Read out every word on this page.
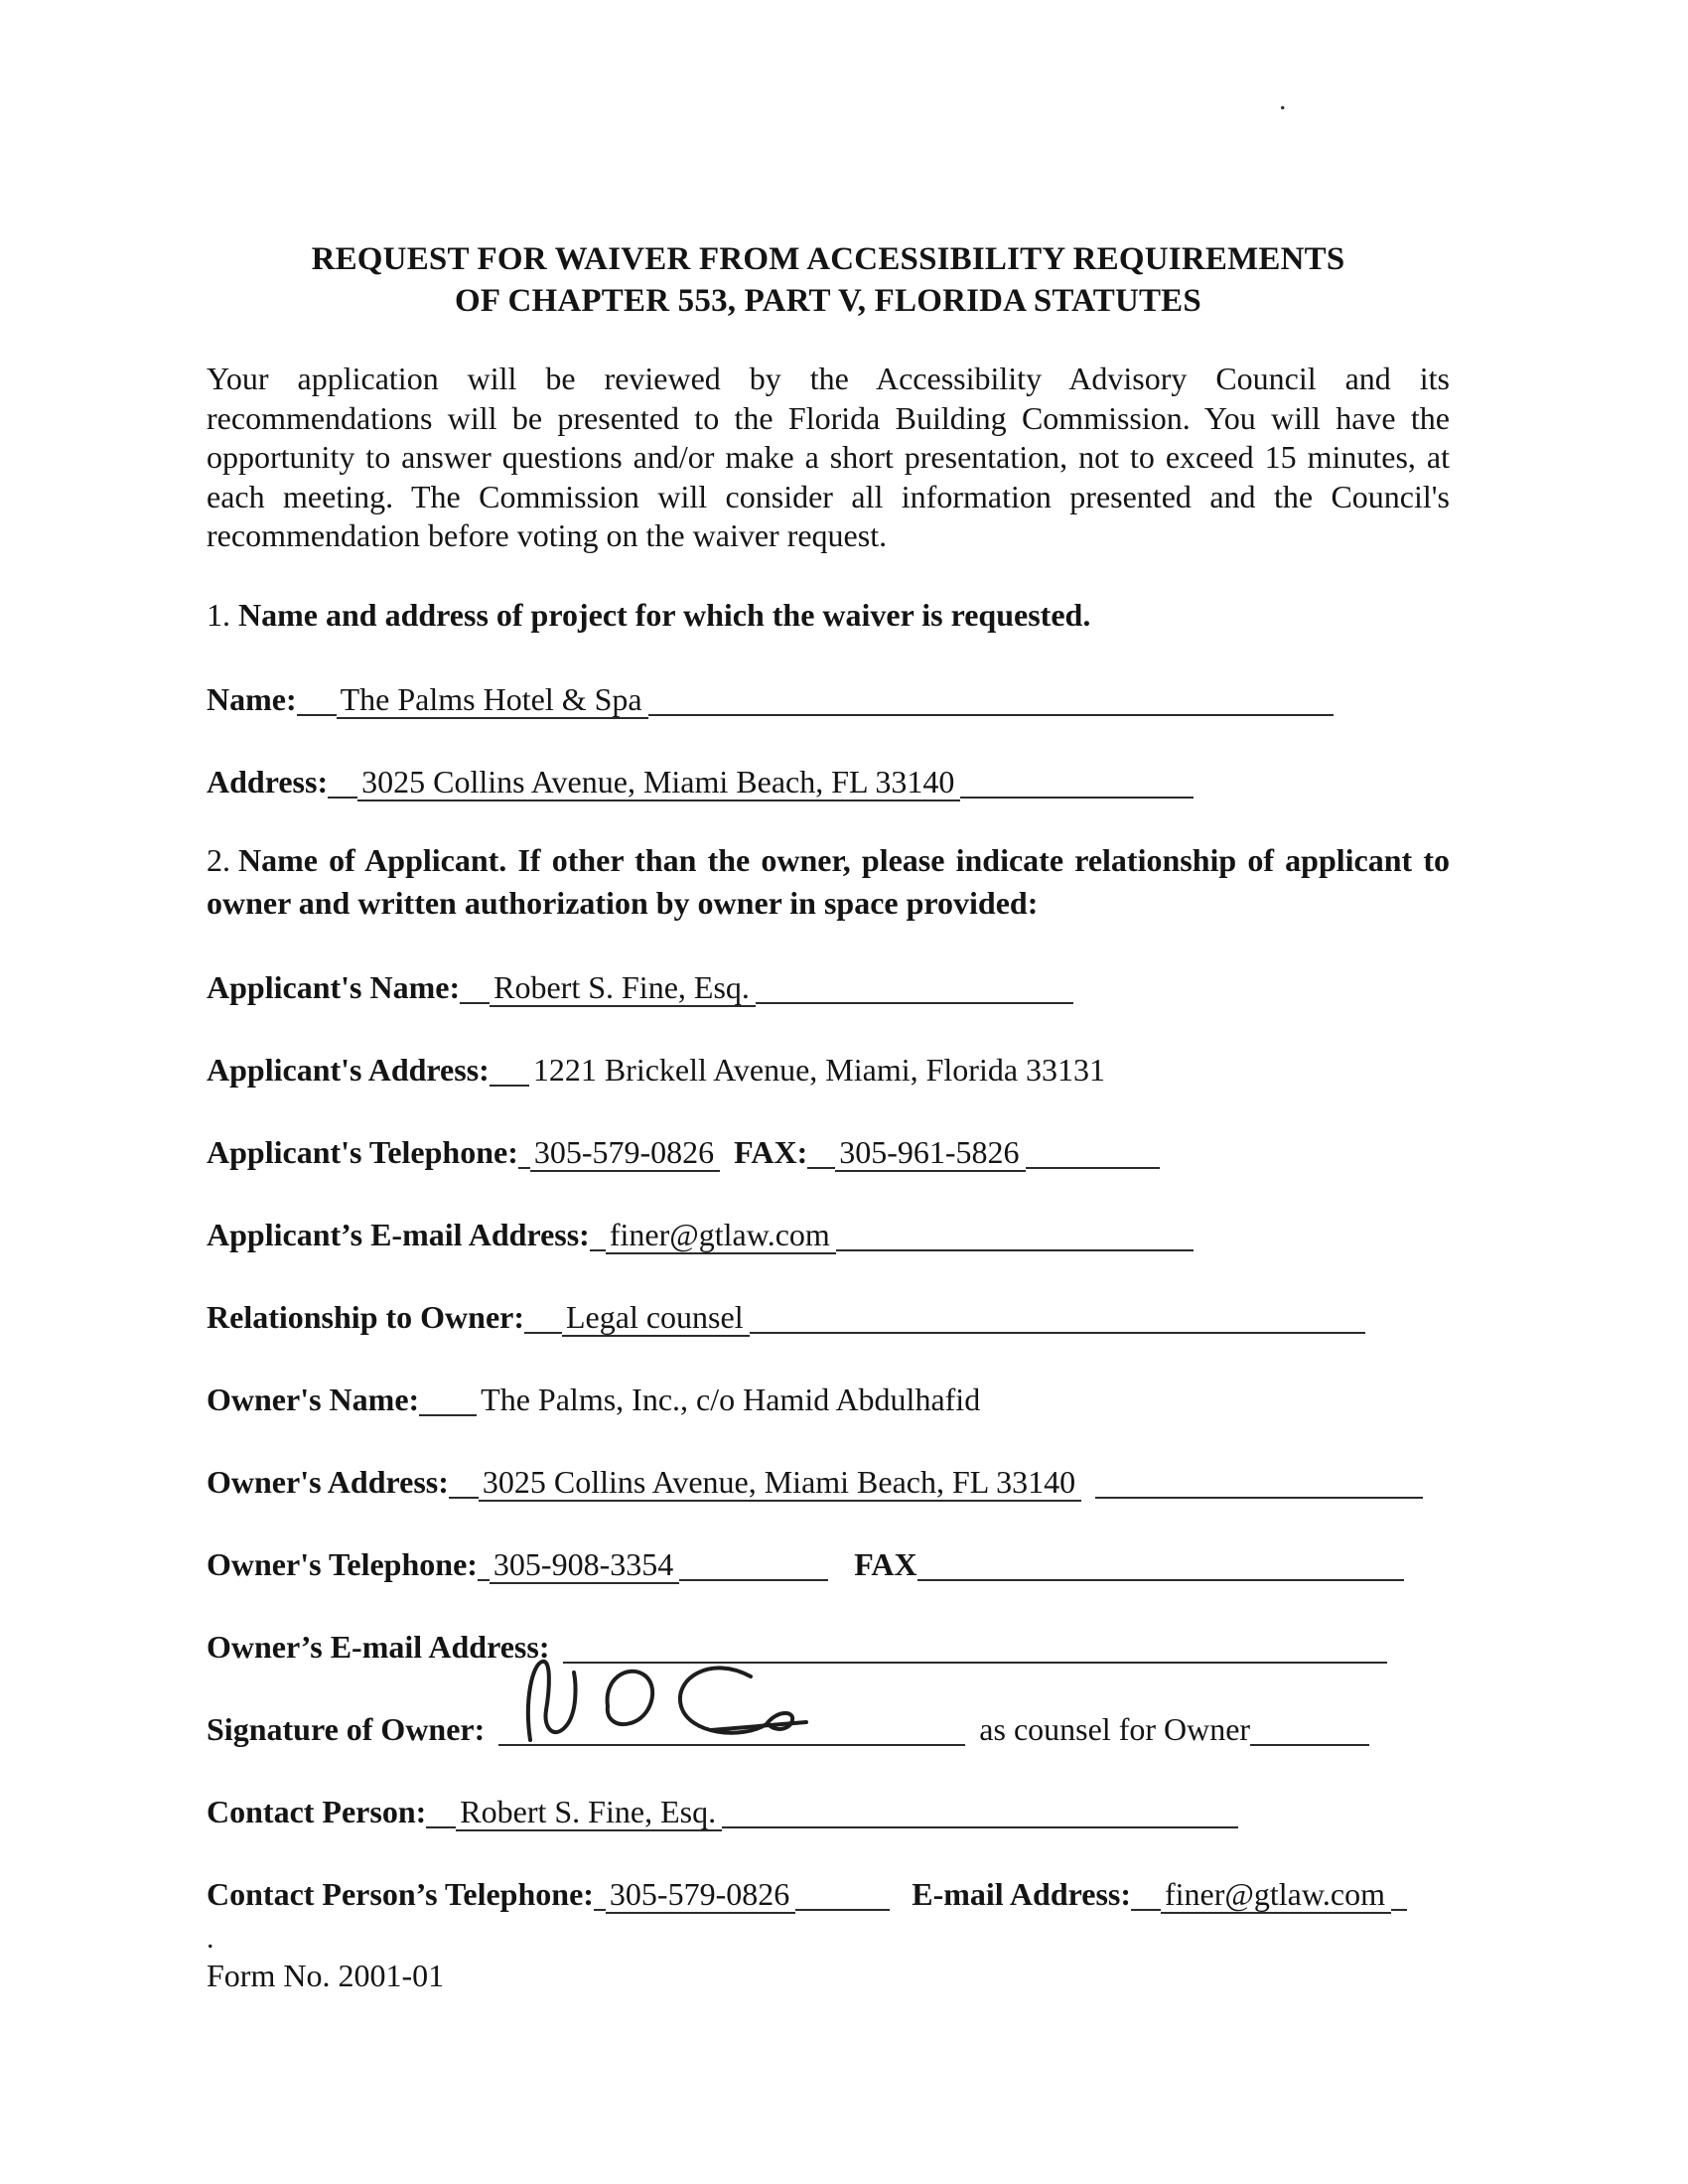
.
REQUEST FOR WAIVER FROM ACCESSIBILITY REQUIREMENTS
OF CHAPTER 553, PART V, FLORIDA STATUTES

Your application will be reviewed by the Accessibility Advisory Council and its recommendations will be presented to the Florida Building Commission. You will have the opportunity to answer questions and/or make a short presentation, not to exceed 15 minutes, at each meeting. The Commission will consider all information presented and the Council's recommendation before voting on the waiver request.

1. Name and address of project for which the waiver is requested.

Name: The Palms Hotel & Spa
Address: 3025 Collins Avenue, Miami Beach, FL 33140

2. Name of Applicant. If other than the owner, please indicate relationship of applicant to owner and written authorization by owner in space provided:

Applicant's Name: Robert S. Fine, Esq.
Applicant's Address: 1221 Brickell Avenue, Miami, Florida 33131
Applicant's Telephone: 305-579-0826 FAX: 305-961-5826
Applicant’s E-mail Address: finer@gtlaw.com
Relationship to Owner: Legal counsel
Owner's Name: The Palms, Inc., c/o Hamid Abdulhafid
Owner's Address: 3025 Collins Avenue, Miami Beach, FL 33140
Owner's Telephone: 305-908-3354	FAX
Owner’s E-mail Address:
Signature of Owner:	as counsel for Owner
Contact Person: Robert S. Fine, Esq.
Contact Person’s Telephone: 305-579-0826	E-mail Address: finer@gtlaw.com
.
Form No. 2001-01
